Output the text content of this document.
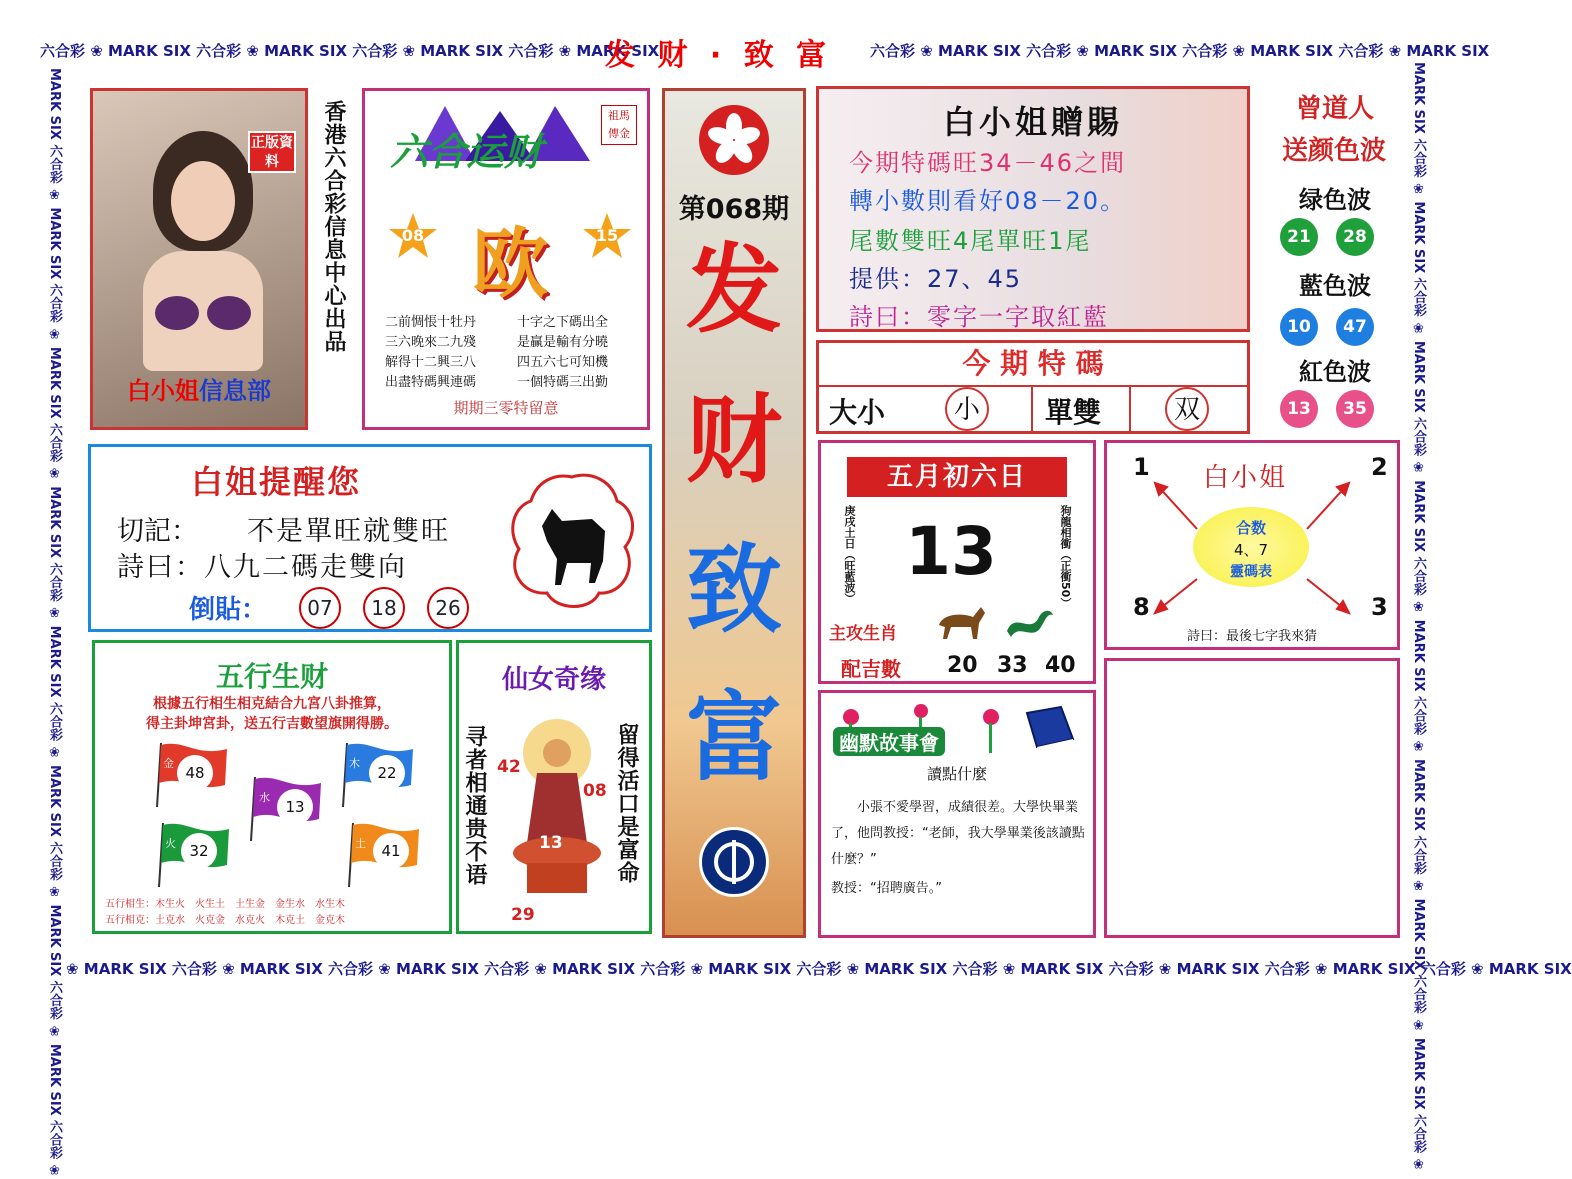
六合彩 ❀ MARK SIX 六合彩 ❀ MARK SIX 六合彩 ❀ MARK SIX 六合彩 ❀ MARK SIX
发 财 · 致 富	六合彩 ❀ MARK SIX 六合彩 ❀ MARK SIX 六合彩 ❀ MARK SIX 六合彩 ❀ MARK SIX
MARK SIX 六合彩 ❀ MARK SIX 六合彩 ❀ MARK SIX 六合彩 ❀ MARK SIX 六合彩 ❀ MARK SIX 六合彩 ❀ MARK SIX 六合彩 ❀ MARK SIX 六合彩 ❀ MARK SIX 六合彩 ❀	MARK SIX 六合彩 ❀ MARK SIX 六合彩 ❀ MARK SIX 六合彩 ❀ MARK SIX 六合彩 ❀ MARK SIX 六合彩 ❀ MARK SIX 六合彩 ❀ MARK SIX 六合彩 ❀ MARK SIX 六合彩 ❀
❀ MARK SIX 六合彩 ❀ MARK SIX 六合彩 ❀ MARK SIX 六合彩 ❀ MARK SIX 六合彩 ❀ MARK SIX 六合彩 ❀ MARK SIX 六合彩 ❀ MARK SIX 六合彩 ❀ MARK SIX 六合彩 ❀ MARK SIX 六合彩 ❀ MARK SIX
正版資料
白小姐信息部
香港六合彩信息中心出品 六合运财
祖馬傳金
08	15
欧
二前惆悵十牡丹
三六晚來二九殘
解得十二興三八
出盡特碼興連碼
十字之下碼出全
是贏是輸有分曉
四五六七可知機
一個特碼三出勤
期期三零特留意
第068期
发
财
致
富
白小姐贈賜
今期特碼旺34－46之間
轉小數則看好08－20。
尾數雙旺4尾單旺1尾
提供：27、45
詩曰：零字一字取紅藍
今 期 特 碼
大小	小	單雙	双
曾道人
送颜色波
绿色波
21	28
藍色波
10	47
紅色波
13	35
白姐提醒您
切記： 不是單旺就雙旺
詩曰：八九二碼走雙向
倒貼：	07 18 26
五月初六日
庚戌土日（旺藍波） 13	狗龍相衝（正衝50）
主攻生肖
配吉數 20 33 40
1	2
8	3
白小姐
合数
4、7
靈碼表
詩曰：最後七字我來猜
五行生财
根據五行相生相克結合九宮八卦推算，
得主卦坤宮卦，送五行吉數望旗開得勝。
金
48
木
22
水
13
火 32	土	41
五行相生：木生火　火生土　土生金　金生水　水生木
五行相克：土克水　火克金　水克火　木克土　金克木
仙女奇缘
寻者相通贵不语	留得活口是富命
42
08
13
29
幽默故事會
讀點什麼
小張不愛學習，成績很差。大學快畢業了，他問教授：“老師，我大學畢業後該讀點什麼？”
教授：“招聘廣告。”
